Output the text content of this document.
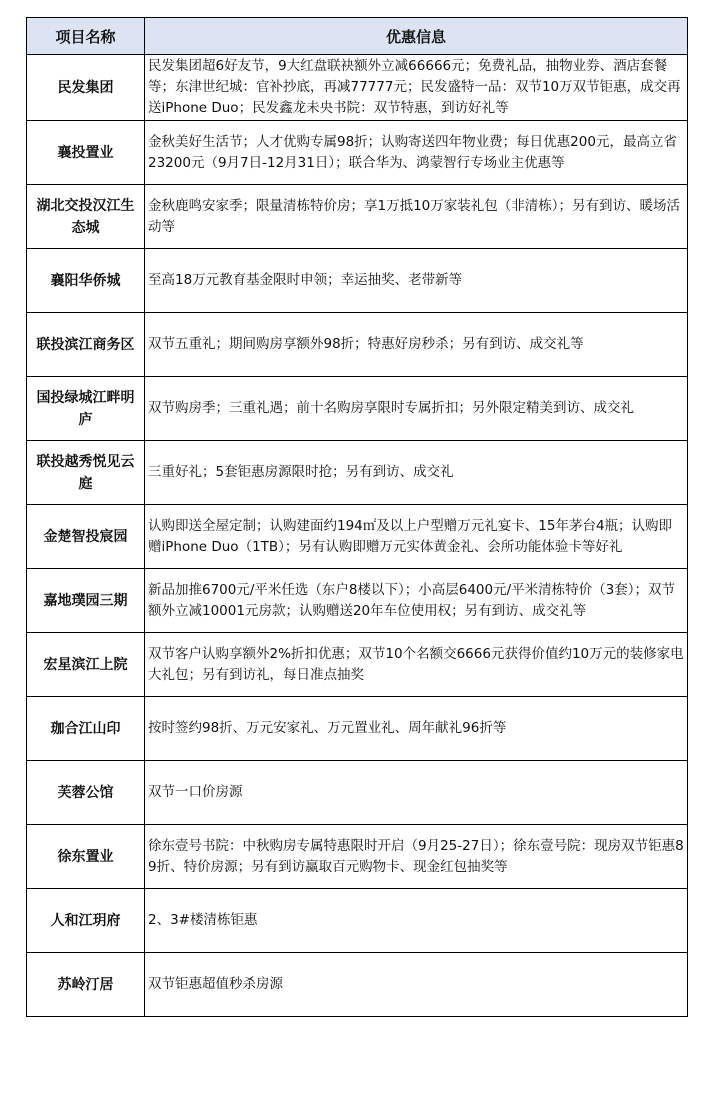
项目名称	优惠信息
民发集团	民发集团超6好友节，9大红盘联袂额外立减66666元；免费礼品，抽物业券、酒店套餐等；东津世纪城：官补抄底，再减77777元；民发盛特一品：双节10万双节钜惠，成交再送iPhone Duo；民发鑫龙未央书院：双节特惠，到访好礼等
襄投置业	金秋美好生活节；人才优购专属98折；认购寄送四年物业费；每日优惠200元，最高立省23200元（9月7日-12月31日）；联合华为、鸿蒙智行专场业主优惠等
湖北交投汉江生态城	金秋鹿鸣安家季；限量清栋特价房；享1万抵10万家装礼包（非清栋）；另有到访、暖场活动等
襄阳华侨城	至高18万元教育基金限时申领；幸运抽奖、老带新等
联投滨江商务区	双节五重礼；期间购房享额外98折；特惠好房秒杀；另有到访、成交礼等
国投绿城江畔明庐	双节购房季；三重礼遇；前十名购房享限时专属折扣；另外限定精美到访、成交礼
联投越秀悦见云庭	三重好礼；5套钜惠房源限时抢；另有到访、成交礼
金楚智投宸园	认购即送全屋定制；认购建面约194㎡及以上户型赠万元礼宴卡、15年茅台4瓶；认购即赠iPhone Duo（1TB）；另有认购即赠万元实体黄金礼、会所功能体验卡等好礼
嘉地璞园三期	新品加推6700元/平米任选（东户8楼以下）；小高层6400元/平米清栋特价（3套）；双节额外立减10001元房款；认购赠送20年车位使用权；另有到访、成交礼等
宏星滨江上院	双节客户认购享额外2%折扣优惠；双节10个名额交6666元获得价值约10万元的装修家电大礼包；另有到访礼，每日准点抽奖
珈合江山印	按时签约98折、万元安家礼、万元置业礼、周年献礼96折等
芙蓉公馆	双节一口价房源
徐东置业	徐东壹号书院：中秋购房专属特惠限时开启（9月25-27日）；徐东壹号院：现房双节钜惠89折、特价房源；另有到访赢取百元购物卡、现金红包抽奖等
人和江玥府	2、3#楼清栋钜惠
苏岭汀居	双节钜惠超值秒杀房源
